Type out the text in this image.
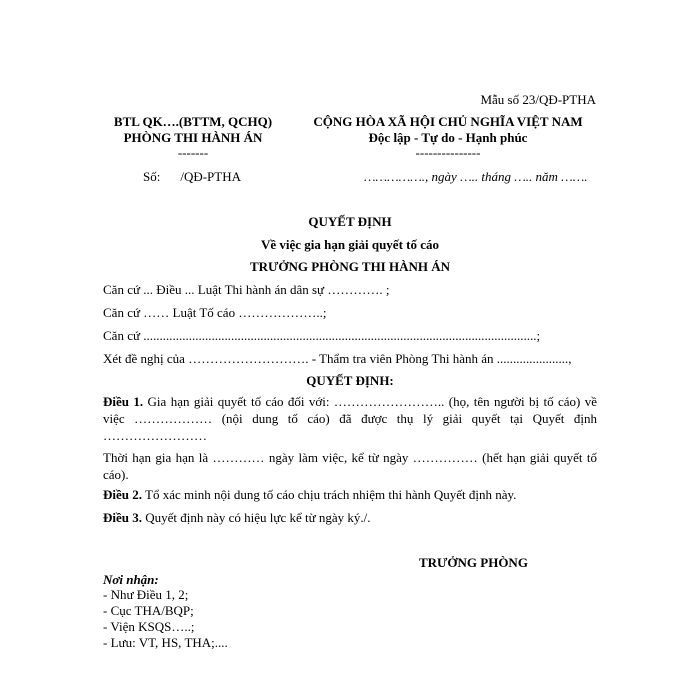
Mẫu số 23/QĐ-PTHA
BTL QK….(BTTM, QCHQ)
PHÒNG THI HÀNH ÁN
-------
CỘNG HÒA XÃ HỘI CHỦ NGHĨA VIỆT NAM
Độc lập - Tự do - Hạnh phúc
---------------
Số: /QĐ-PTHA	……………., ngày ….. tháng ….. năm …….
QUYẾT ĐỊNH
Về việc gia hạn giải quyết tố cáo
TRƯỞNG PHÒNG THI HÀNH ÁN
Căn cứ ... Điều ... Luật Thi hành án dân sự …………. ;
Căn cứ …… Luật Tố cáo ………………..;
Căn cứ .........................................................................................................................;
Xét đề nghị của ………………………. - Thẩm tra viên Phòng Thi hành án ......................,
QUYẾT ĐỊNH:
Điều 1. Gia hạn giải quyết tố cáo đối với: …………………….. (họ, tên người bị tố cáo) về việc ……………… (nội dung tố cáo) đã được thụ lý giải quyết tại Quyết định ……………………
Thời hạn gia hạn là ………… ngày làm việc, kể từ ngày …………… (hết hạn giải quyết tố cáo).
Điều 2. Tổ xác minh nội dung tố cáo chịu trách nhiệm thi hành Quyết định này.
Điều 3. Quyết định này có hiệu lực kể từ ngày ký./.
TRƯỞNG PHÒNG
Nơi nhận:
- Như Điều 1, 2;
- Cục THA/BQP;
- Viện KSQS…..;
- Lưu: VT, HS, THA;....
